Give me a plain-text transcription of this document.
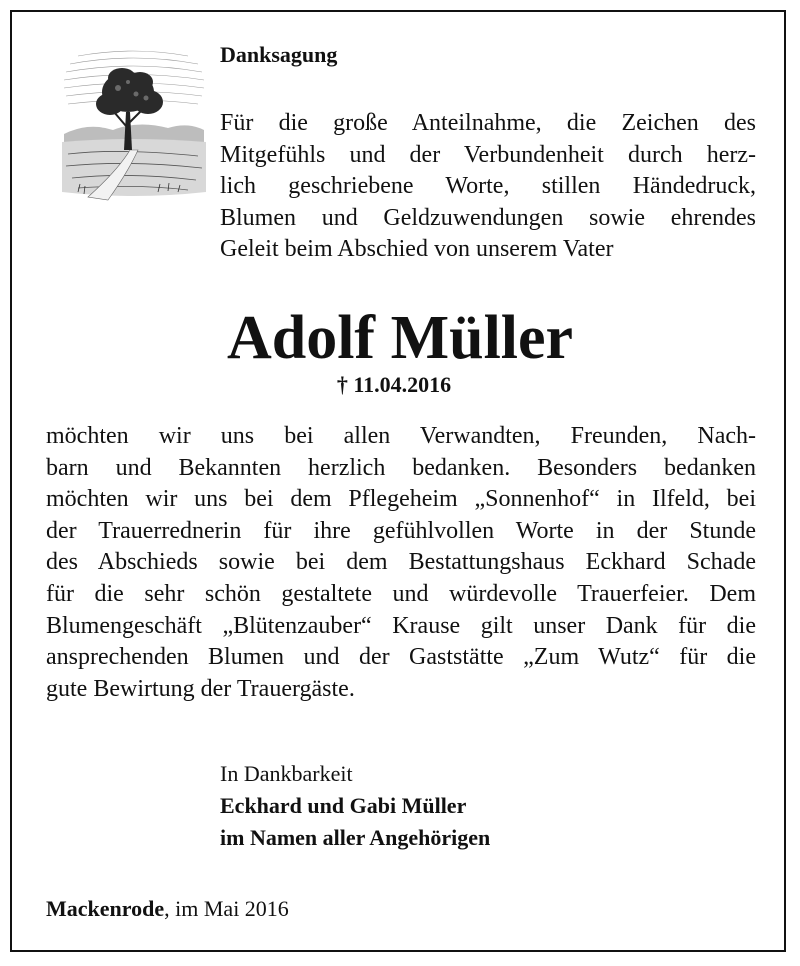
Danksagung
Für die große Anteilnahme, die Zeichen des
Mitgefühls und der Verbundenheit durch herz-
lich geschriebene Worte, stillen Händedruck,
Blumen und Geldzuwendungen sowie ehrendes
Geleit beim Abschied von unserem Vater
Adolf Müller
† 11.04.2016
möchten wir uns bei allen Verwandten, Freunden, Nach-
barn und Bekannten herzlich bedanken. Besonders bedanken
möchten wir uns bei dem Pflegeheim „Sonnenhof“ in Ilfeld, bei
der Trauerrednerin für ihre gefühlvollen Worte in der Stunde
des Abschieds sowie bei dem Bestattungshaus Eckhard Schade
für die sehr schön gestaltete und würdevolle Trauerfeier. Dem
Blumengeschäft „Blütenzauber“ Krause gilt unser Dank für die
ansprechenden Blumen und der Gaststätte „Zum Wutz“ für die
gute Bewirtung der Trauergäste.
In Dankbarkeit
Eckhard und Gabi Müller
im Namen aller Angehörigen
Mackenrode, im Mai 2016
